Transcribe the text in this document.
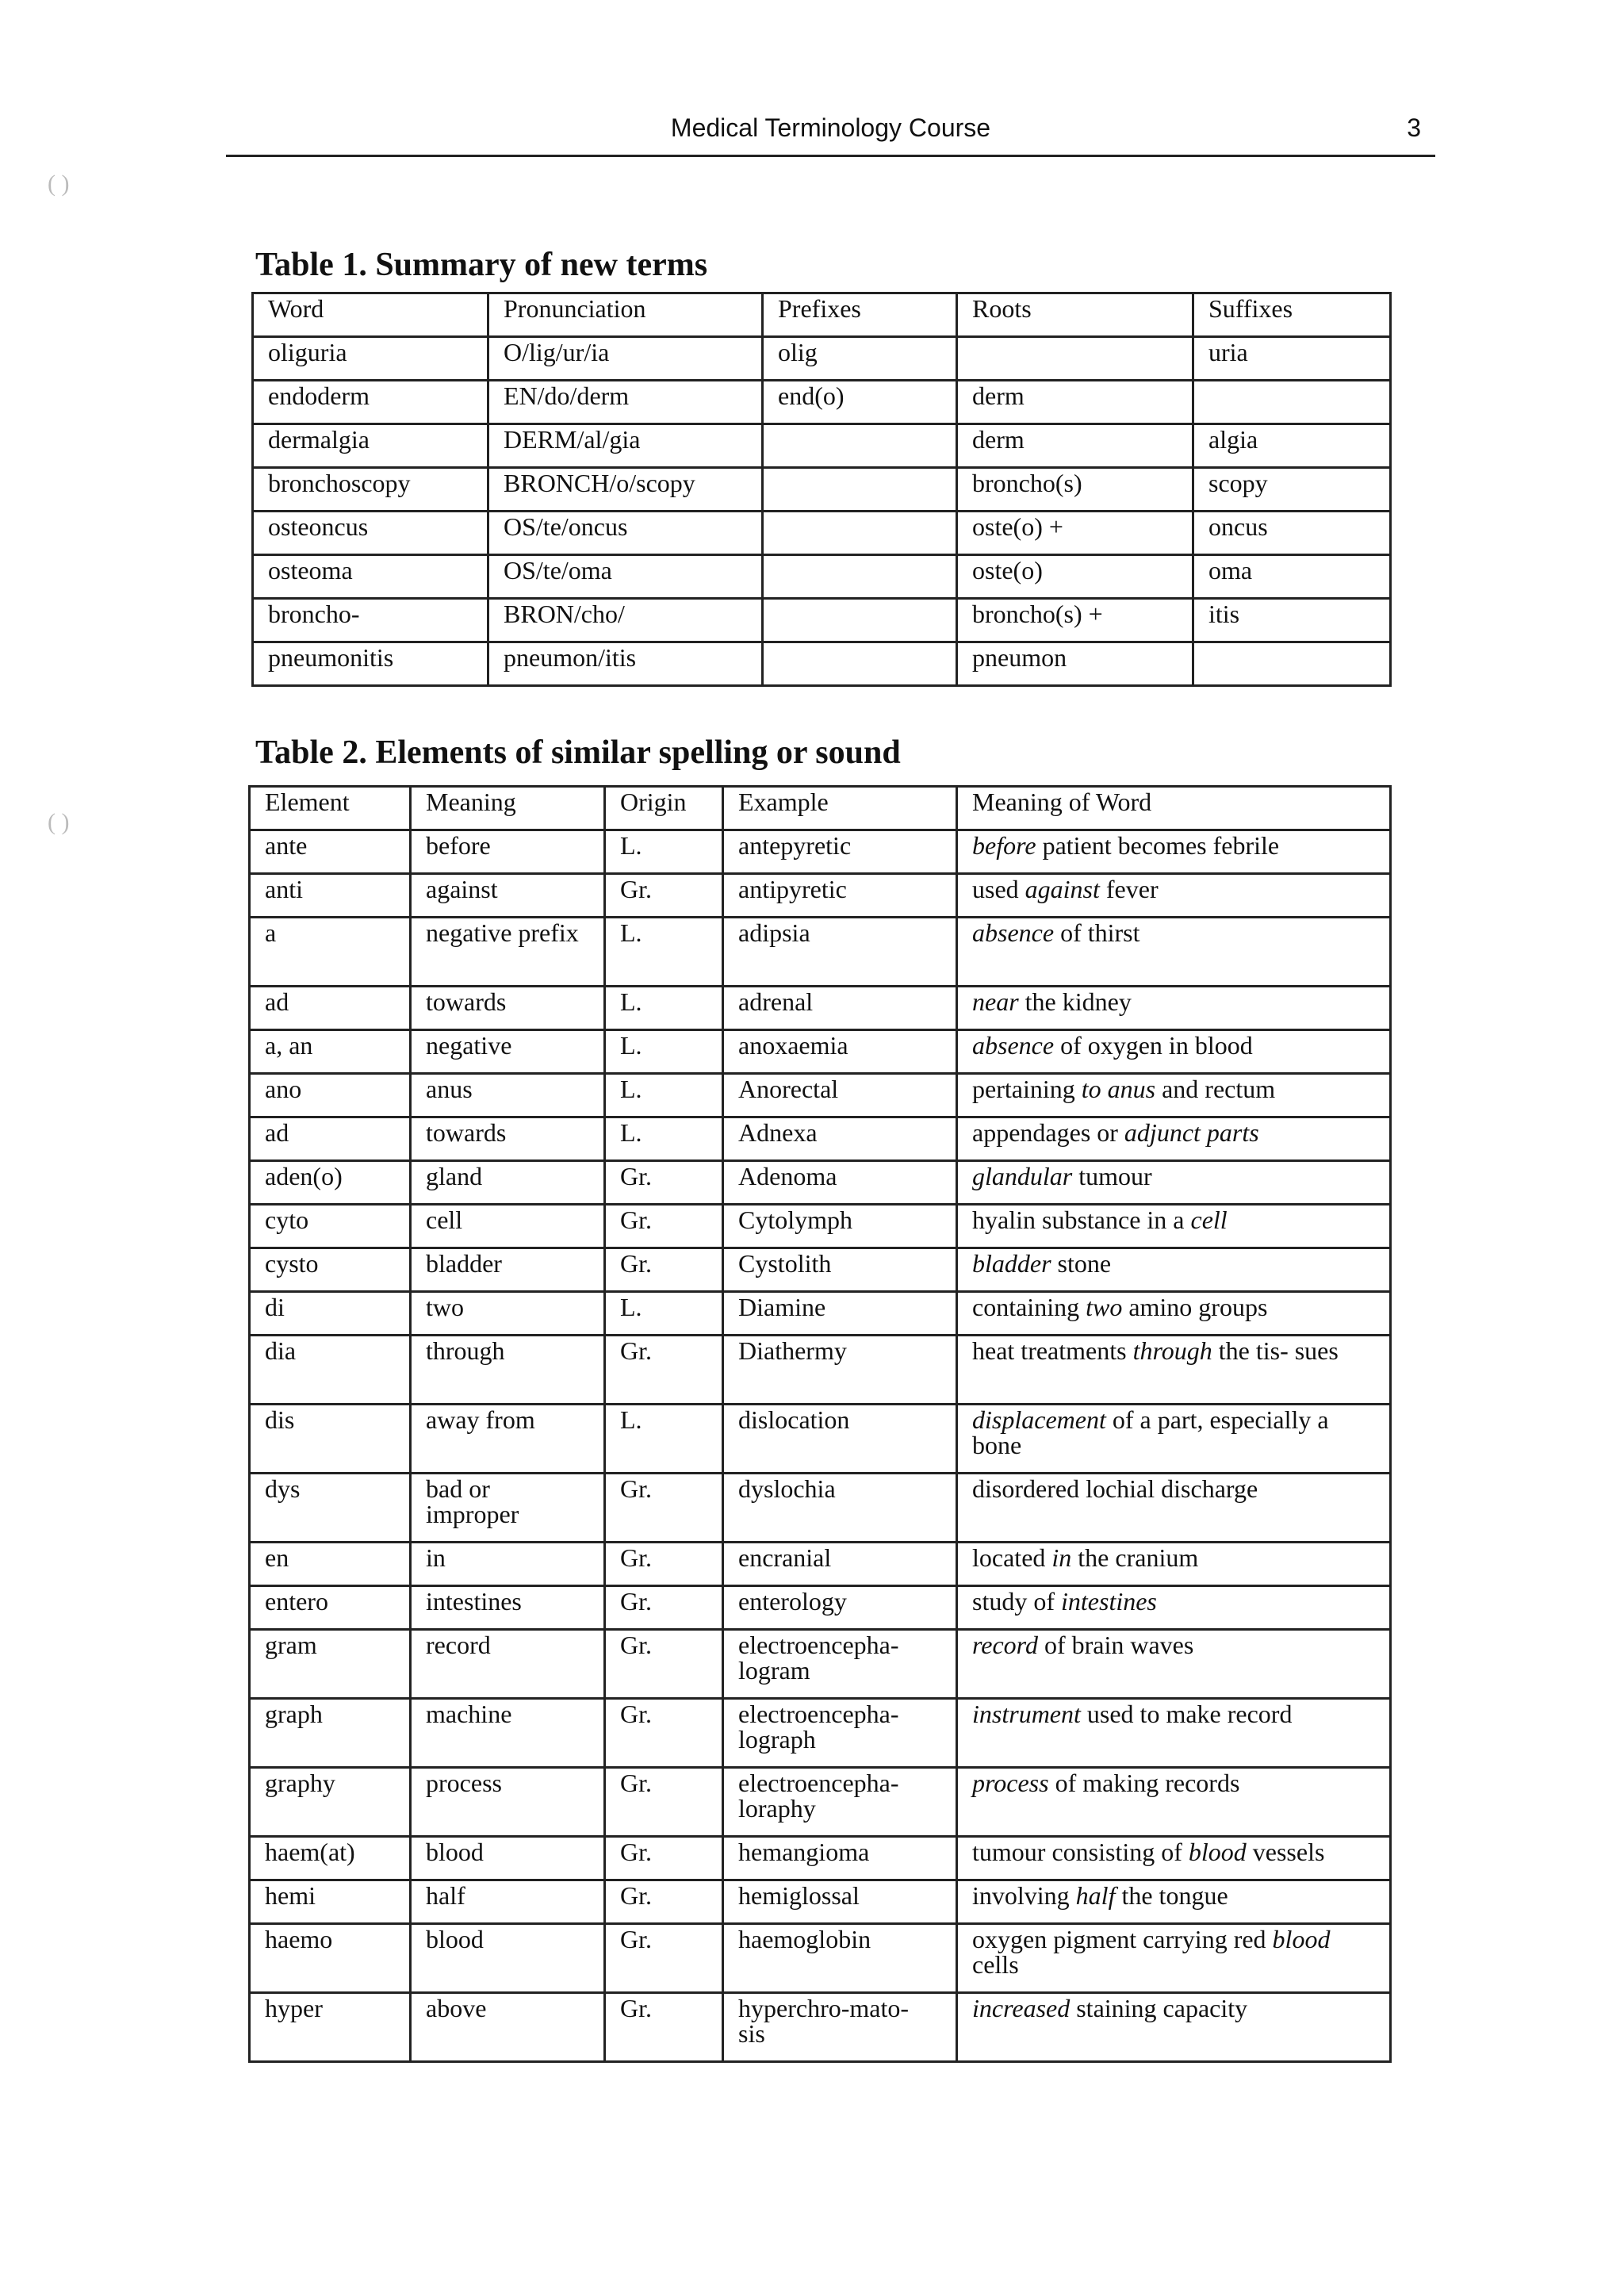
Medical Terminology Course	3
( )
( )
Table 1. Summary of new terms
Word	Pronunciation	Prefixes	Roots	Suffixes
oliguria	O/lig/ur/ia	olig		uria
endoderm	EN/do/derm	end(o)	derm	
dermalgia	DERM/al/gia		derm	algia
bronchoscopy	BRONCH/o/scopy		broncho(s)	scopy
osteoncus	OS/te/oncus		oste(o) +	oncus
osteoma	OS/te/oma		oste(o)	oma
broncho-	BRON/cho/		broncho(s) +	itis
pneumonitis	pneumon/itis		pneumon	
Table 2. Elements of similar spelling or sound
Element	Meaning	Origin	Example	Meaning of Word
ante	before	L.	antepyretic	before patient becomes febrile
anti	against	Gr.	antipyretic	used against fever
a	negative prefix	L.	adipsia	absence of thirst
ad	towards	L.	adrenal	near the kidney
a, an	negative	L.	anoxaemia	absence of oxygen in blood
ano	anus	L.	Anorectal	pertaining to anus and rectum
ad	towards	L.	Adnexa	appendages or adjunct parts
aden(o)	gland	Gr.	Adenoma	glandular tumour
cyto	cell	Gr.	Cytolymph	hyalin substance in a cell
cysto	bladder	Gr.	Cystolith	bladder stone
di	two	L.	Diamine	containing two amino groups
dia	through	Gr.	Diathermy	heat treatments through the tis- sues
dis	away from	L.	dislocation	displacement of a part, especially a bone
dys	bad or improper	Gr.	dyslochia	disordered lochial discharge
en	in	Gr.	encranial	located in the cranium
entero	intestines	Gr.	enterology	study of intestines
gram	record	Gr.	electroencepha- logram	record of brain waves
graph	machine	Gr.	electroencepha- lograph	instrument used to make record
graphy	process	Gr.	electroencepha- loraphy	process of making records
haem(at)	blood	Gr.	hemangioma	tumour consisting of blood vessels
hemi	half	Gr.	hemiglossal	involving half the tongue
haemo	blood	Gr.	haemoglobin	oxygen pigment carrying red blood cells
hyper	above	Gr.	hyperchro-mato- sis	increased staining capacity
